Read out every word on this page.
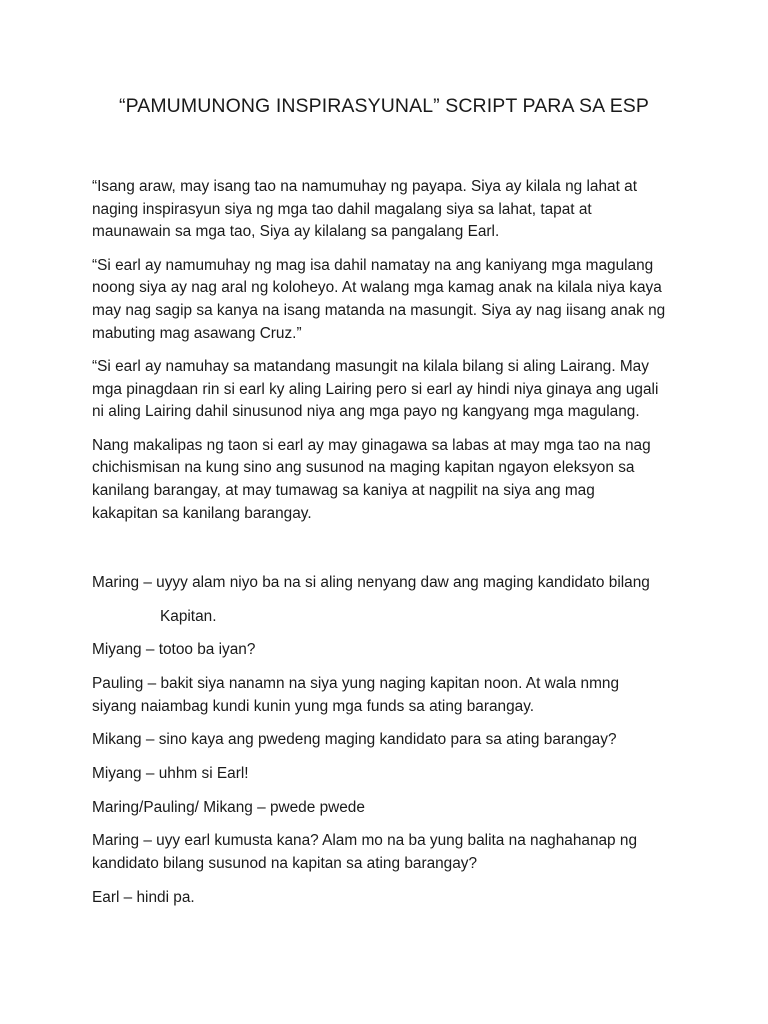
“PAMUMUNONG INSPIRASYUNAL” SCRIPT PARA SA ESP
“Isang araw, may isang tao na namumuhay ng payapa. Siya ay kilala ng lahat at
naging inspirasyun siya ng mga tao dahil magalang siya sa lahat, tapat at
maunawain sa mga tao, Siya ay kilalang sa pangalang Earl.
“Si earl ay namumuhay ng mag isa dahil namatay na ang kaniyang mga magulang
noong siya ay nag aral ng koloheyo. At walang mga kamag anak na kilala niya kaya
may nag sagip sa kanya na isang matanda na masungit. Siya ay nag iisang anak ng
mabuting mag asawang Cruz.”
“Si earl ay namuhay sa matandang masungit na kilala bilang si aling Lairang. May
mga pinagdaan rin si earl ky aling Lairing pero si earl ay hindi niya ginaya ang ugali
ni aling Lairing dahil sinusunod niya ang mga payo ng kangyang mga magulang.
Nang makalipas ng taon si earl ay may ginagawa sa labas at may mga tao na nag
chichismisan na kung sino ang susunod na maging kapitan ngayon eleksyon sa
kanilang barangay, at may tumawag sa kaniya at nagpilit na siya ang mag
kakapitan sa kanilang barangay.
Maring – uyyy alam niyo ba na si aling nenyang daw ang maging kandidato bilang
Kapitan.
Miyang – totoo ba iyan?
Pauling – bakit siya nanamn na siya yung naging kapitan noon. At wala nmng
siyang naiambag kundi kunin yung mga funds sa ating barangay.
Mikang – sino kaya ang pwedeng maging kandidato para sa ating barangay?
Miyang – uhhm si Earl!
Maring/Pauling/ Mikang – pwede pwede
Maring – uyy earl kumusta kana? Alam mo na ba yung balita na naghahanap ng
kandidato bilang susunod na kapitan sa ating barangay?
Earl – hindi pa.
